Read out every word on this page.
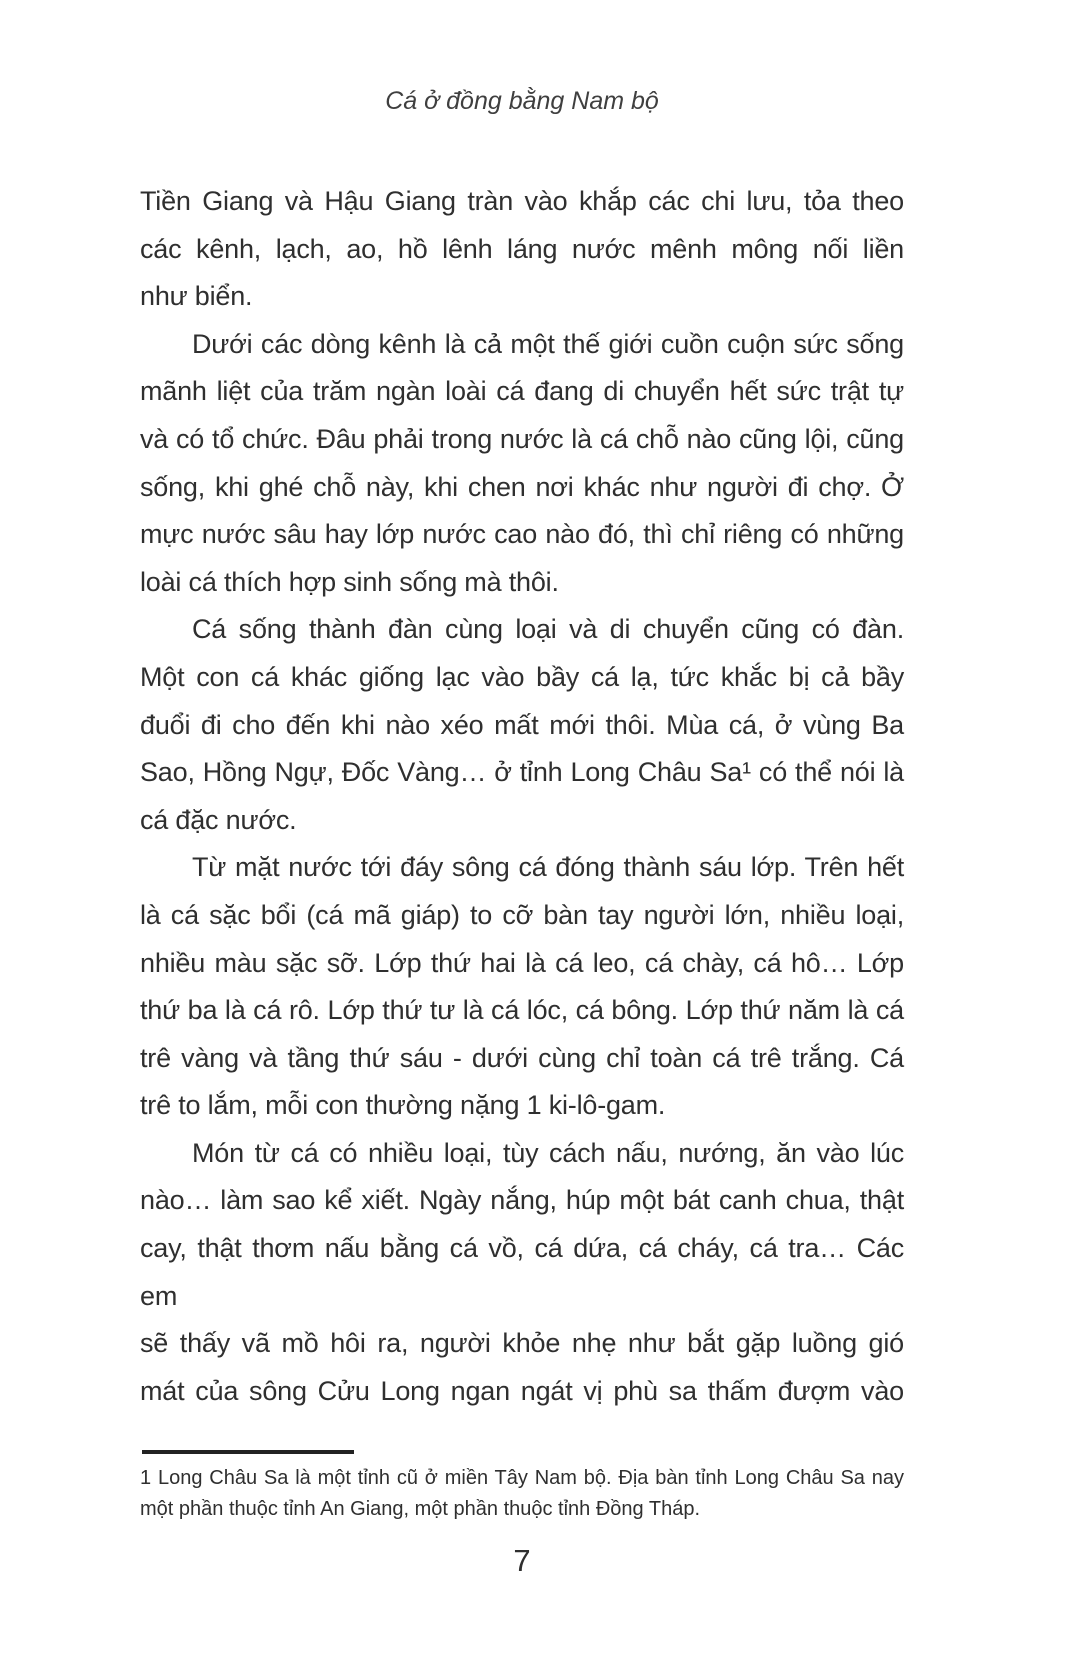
Cá ở đồng bằng Nam bộ
Tiền Giang và Hậu Giang tràn vào khắp các chi lưu, tỏa theo
các kênh, lạch, ao, hồ lênh láng nước mênh mông nối liền
như biển.
Dưới các dòng kênh là cả một thế giới cuồn cuộn sức sống
mãnh liệt của trăm ngàn loài cá đang di chuyển hết sức trật tự
và có tổ chức. Đâu phải trong nước là cá chỗ nào cũng lội, cũng
sống, khi ghé chỗ này, khi chen nơi khác như người đi chợ. Ở
mực nước sâu hay lớp nước cao nào đó, thì chỉ riêng có những
loài cá thích hợp sinh sống mà thôi.
Cá sống thành đàn cùng loại và di chuyển cũng có đàn.
Một con cá khác giống lạc vào bầy cá lạ, tức khắc bị cả bầy
đuổi đi cho đến khi nào xéo mất mới thôi. Mùa cá, ở vùng Ba
Sao, Hồng Ngự, Đốc Vàng… ở tỉnh Long Châu Sa¹ có thể nói là
cá đặc nước.
Từ mặt nước tới đáy sông cá đóng thành sáu lớp. Trên hết
là cá sặc bổi (cá mã giáp) to cỡ bàn tay người lớn, nhiều loại,
nhiều màu sặc sỡ. Lớp thứ hai là cá leo, cá chày, cá hô… Lớp
thứ ba là cá rô. Lớp thứ tư là cá lóc, cá bông. Lớp thứ năm là cá
trê vàng và tầng thứ sáu - dưới cùng chỉ toàn cá trê trắng. Cá
trê to lắm, mỗi con thường nặng 1 ki-lô-gam.
Món từ cá có nhiều loại, tùy cách nấu, nướng, ăn vào lúc
nào… làm sao kể xiết. Ngày nắng, húp một bát canh chua, thật
cay, thật thơm nấu bằng cá vồ, cá dứa, cá cháy, cá tra… Các em
sẽ thấy vã mồ hôi ra, người khỏe nhẹ như bắt gặp luồng gió
mát của sông Cửu Long ngan ngát vị phù sa thấm đượm vào
1 Long Châu Sa là một tỉnh cũ ở miền Tây Nam bộ. Địa bàn tỉnh Long Châu Sa nay
một phần thuộc tỉnh An Giang, một phần thuộc tỉnh Đồng Tháp.
7
